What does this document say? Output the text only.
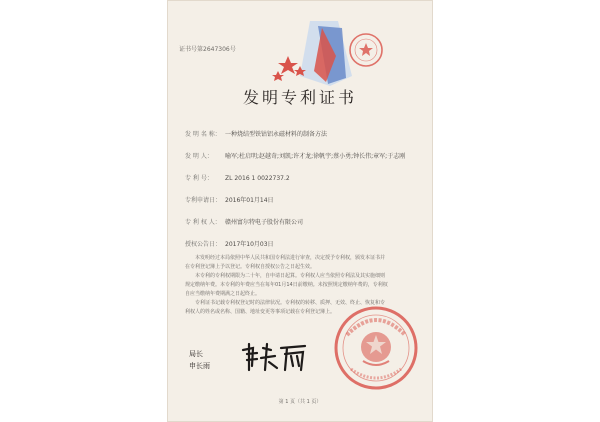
证书号第2647306号
发明专利证书
发 明 名 称： 一种烧结型铁钴铝永磁材料的制备方法
发 明 人： 喻军;杜启明;赵越奇;刘凯;许才龙;徐帆宇;蔡小勇;钟长伟;章军;于志刚
专 利 号： ZL 2016 1 0022737.2
专利申请日： 2016年01月14日
专 利 权 人： 赣州富尔特电子股份有限公司
授权公告日： 2017年10月03日

本发明经过本局依照中华人民共和国专利法进行审查，决定授予专利权，颁发本证书并

在专利登记簿上予以登记。专利权自授权公告之日起生效。

本专利的专利权期限为二十年，自申请日起算。专利权人应当依照专利法及其实施细则

规定缴纳年费。本专利的年费应当在每年01月14日前缴纳。未按照规定缴纳年费的，专利权

自应当缴纳年费期满之日起终止。

专利证书记载专利权登记时的法律状况。专利权的转移、质押、无效、终止、恢复和专

利权人的姓名或名称、国籍、地址变更等事项记载在专利登记簿上。

局长
申长雨
第 1 页（共 1 页）
